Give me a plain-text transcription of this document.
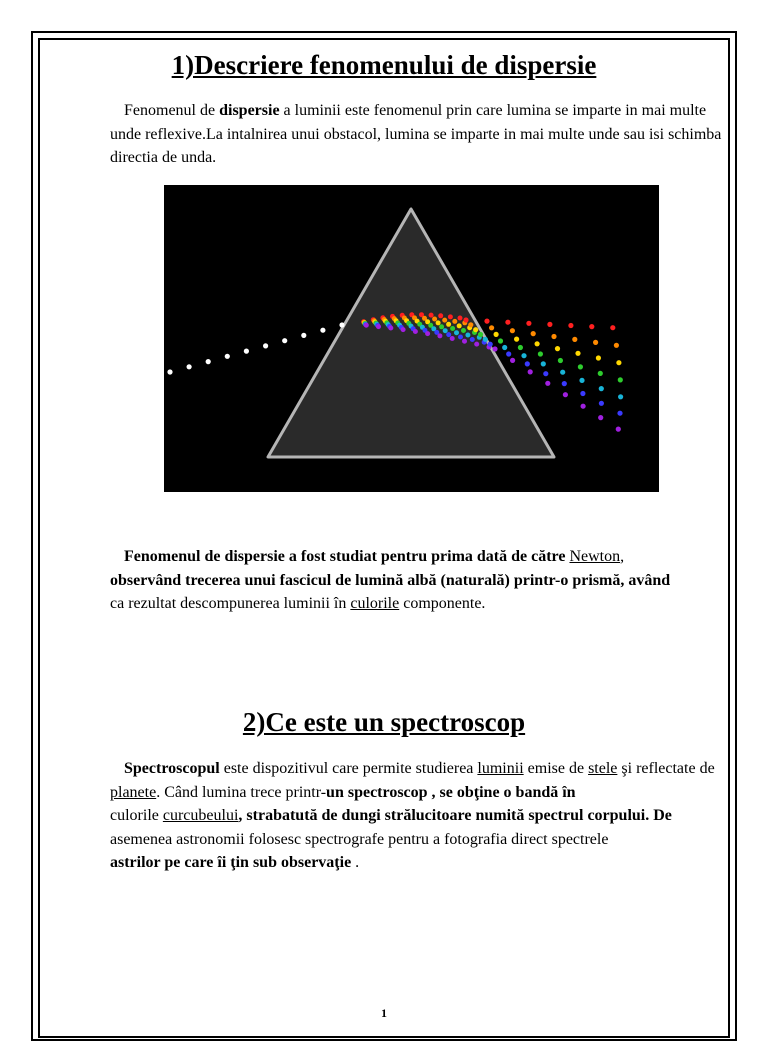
1)Descriere fenomenului de dispersie

Fenomenul de dispersie a luminii este fenomenul prin care lumina se imparte in mai multe unde reflexive.La intalnirea unui obstacol, lumina se imparte in mai multe unde sau isi schimba directia de unda.

Fenomenul de dispersie a fost studiat pentru prima dată de către Newton,
observând trecerea unui fascicul de lumină albă (naturală) printr-o prismă, având
ca rezultat descompunerea luminii în culorile componente.

2)Ce este un spectroscop

Spectroscopul este dispozitivul care permite studierea luminii emise de stele şi reflectate de planete. Când lumina trece printr-un spectroscop , se obţine o bandă în
culorile curcubeului, strabatută de dungi strălucitoare numită spectrul corpului. De
asemenea astronomii folosesc spectrografe pentru a fotografia direct spectrele
astrilor pe care îi ţin sub observaţie .

1
